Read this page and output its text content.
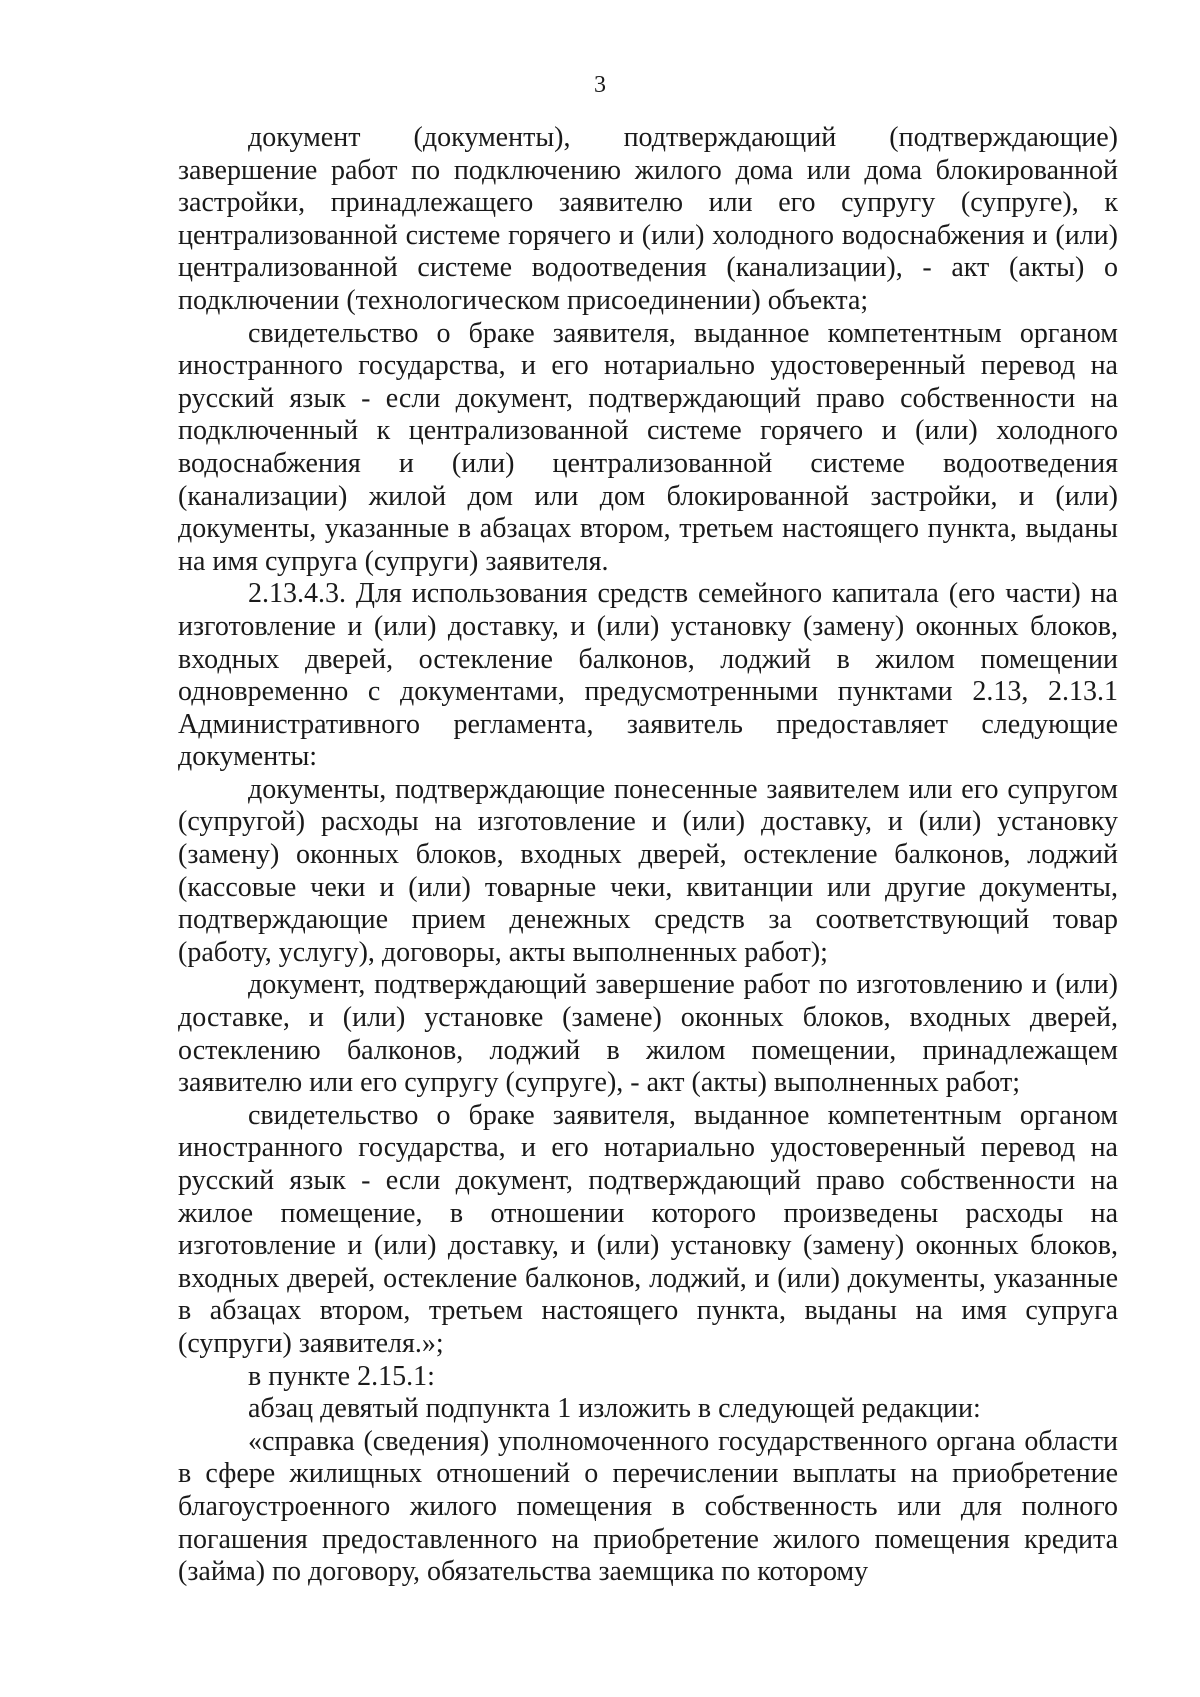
3

документ (документы), подтверждающий (подтверждающие) завершение работ по подключению жилого дома или дома блокированной застройки, принадлежащего заявителю или его супругу (супруге), к централизованной системе горячего и (или) холодного водоснабжения и (или) централизованной системе водоотведения (канализации), - акт (акты) о подключении (технологическом присоединении) объекта;

свидетельство о браке заявителя, выданное компетентным органом иностранного государства, и его нотариально удостоверенный перевод на русский язык - если документ, подтверждающий право собственности на подключенный к централизованной системе горячего и (или) холодного водоснабжения и (или) централизованной системе водоотведения (канализации) жилой дом или дом блокированной застройки, и (или) документы, указанные в абзацах втором, третьем настоящего пункта, выданы на имя супруга (супруги) заявителя.

2.13.4.3. Для использования средств семейного капитала (его части) на изготовление и (или) доставку, и (или) установку (замену) оконных блоков, входных дверей, остекление балконов, лоджий в жилом помещении одновременно с документами, предусмотренными пунктами 2.13, 2.13.1 Административного регламента, заявитель предоставляет следующие документы:

документы, подтверждающие понесенные заявителем или его супругом (супругой) расходы на изготовление и (или) доставку, и (или) установку (замену) оконных блоков, входных дверей, остекление балконов, лоджий (кассовые чеки и (или) товарные чеки, квитанции или другие документы, подтверждающие прием денежных средств за соответствующий товар (работу, услугу), договоры, акты выполненных работ);

документ, подтверждающий завершение работ по изготовлению и (или) доставке, и (или) установке (замене) оконных блоков, входных дверей, остеклению балконов, лоджий в жилом помещении, принадлежащем заявителю или его супругу (супруге), - акт (акты) выполненных работ;

свидетельство о браке заявителя, выданное компетентным органом иностранного государства, и его нотариально удостоверенный перевод на русский язык - если документ, подтверждающий право собственности на жилое помещение, в отношении которого произведены расходы на изготовление и (или) доставку, и (или) установку (замену) оконных блоков, входных дверей, остекление балконов, лоджий, и (или) документы, указанные в абзацах втором, третьем настоящего пункта, выданы на имя супруга (супруги) заявителя.»;

в пункте 2.15.1:

абзац девятый подпункта 1 изложить в следующей редакции:

«справка (сведения) уполномоченного государственного органа области в сфере жилищных отношений о перечислении выплаты на приобретение благоустроенного жилого помещения в собственность или для полного погашения предоставленного на приобретение жилого помещения кредита (займа) по договору, обязательства заемщика по которому
